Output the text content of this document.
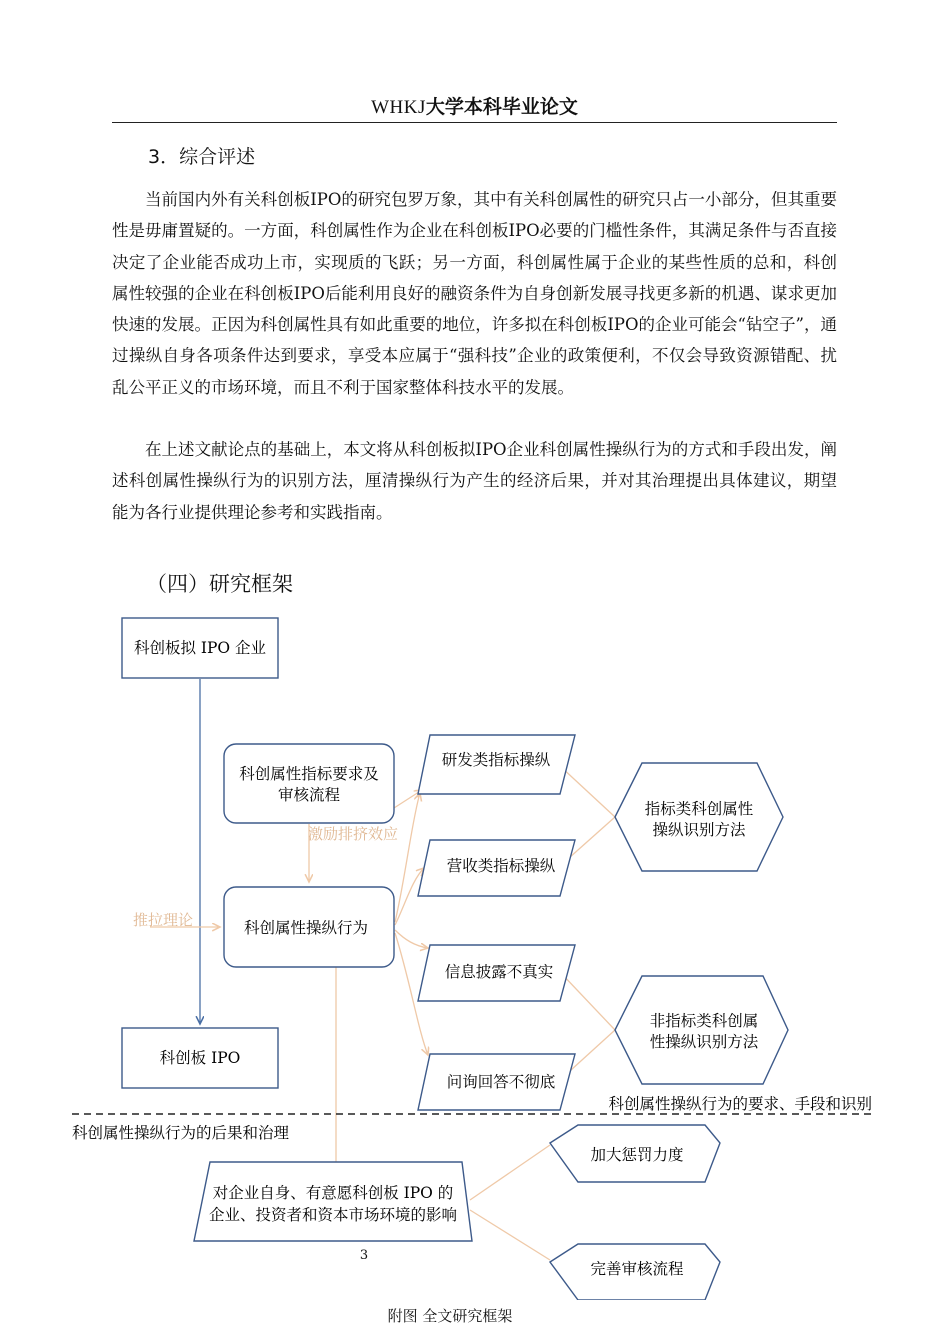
WHKJ大学本科毕业论文
3．综合评述

当前国内外有关科创板IPO的研究包罗万象，其中有关科创属性的研究只占一小部分，但其重要性是毋庸置疑的。一方面，科创属性作为企业在科创板IPO必要的门槛性条件，其满足条件与否直接决定了企业能否成功上市，实现质的飞跃；另一方面，科创属性属于企业的某些性质的总和，科创属性较强的企业在科创板IPO后能利用良好的融资条件为自身创新发展寻找更多新的机遇、谋求更加快速的发展。正因为科创属性具有如此重要的地位，许多拟在科创板IPO的企业可能会“钻空子”，通过操纵自身各项条件达到要求，享受本应属于“强科技”企业的政策便利，不仅会导致资源错配、扰乱公平正义的市场环境，而且不利于国家整体科技水平的发展。

在上述文献论点的基础上，本文将从科创板拟IPO企业科创属性操纵行为的方式和手段出发，阐述科创属性操纵行为的识别方法，厘清操纵行为产生的经济后果，并对其治理提出具体建议，期望能为各行业提供理论参考和实践指南。

（四）研究框架
科创板拟 IPO 企业
科创板 IPO
科创属性指标要求及
审核流程
激励排挤效应
推拉理论	科创属性操纵行为
研发类指标操纵
营收类指标操纵
信息披露不真实
问询回答不彻底
指标类科创属性
操纵识别方法
非指标类科创属
性操纵识别方法
科创属性操纵行为的要求、手段和识别
科创属性操纵行为的后果和治理
对企业自身、有意愿科创板 IPO 的
企业、投资者和资本市场环境的影响
加大惩罚力度
完善审核流程
3
附图 全文研究框架
